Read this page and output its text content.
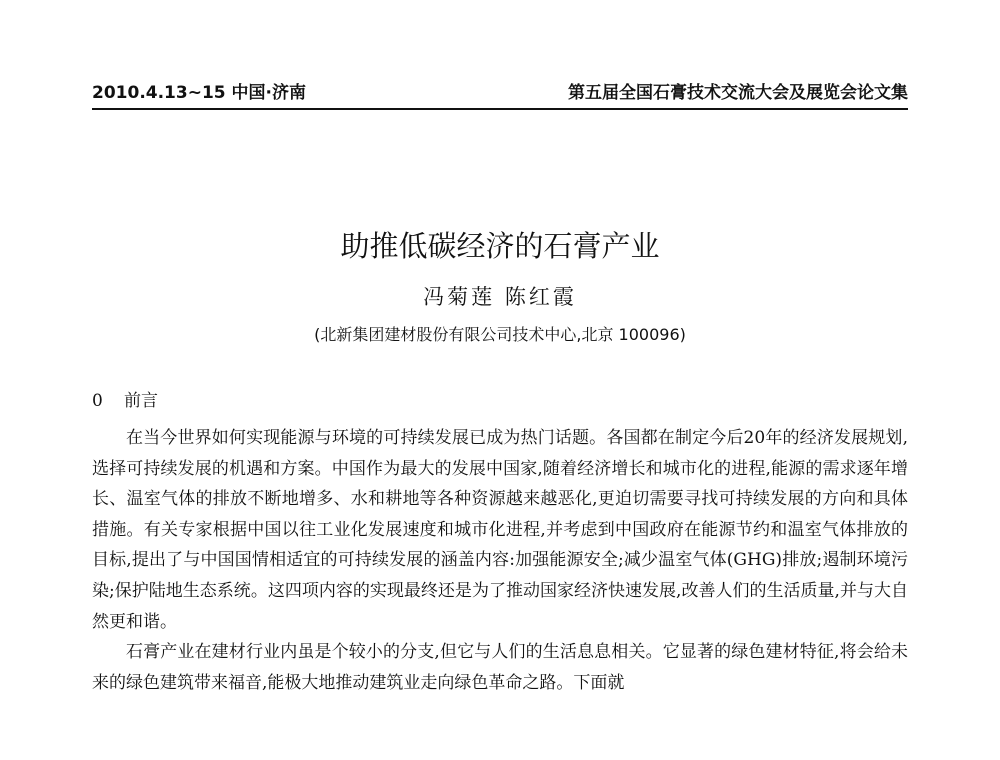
2010.4.13~15 中国·济南	第五届全国石膏技术交流大会及展览会论文集
助推低碳经济的石膏产业
冯菊莲 陈红霞
(北新集团建材股份有限公司技术中心,北京 100096)
0 前言

在当今世界如何实现能源与环境的可持续发展已成为热门话题。各国都在制定今后20年的经济发展规划,选择可持续发展的机遇和方案。中国作为最大的发展中国家,随着经济增长和城市化的进程,能源的需求逐年增长、温室气体的排放不断地增多、水和耕地等各种资源越来越恶化,更迫切需要寻找可持续发展的方向和具体措施。有关专家根据中国以往工业化发展速度和城市化进程,并考虑到中国政府在能源节约和温室气体排放的目标,提出了与中国国情相适宜的可持续发展的涵盖内容:加强能源安全;减少温室气体(GHG)排放;遏制环境污染;保护陆地生态系统。这四项内容的实现最终还是为了推动国家经济快速发展,改善人们的生活质量,并与大自然更和谐。

石膏产业在建材行业内虽是个较小的分支,但它与人们的生活息息相关。它显著的绿色建材特征,将会给未来的绿色建筑带来福音,能极大地推动建筑业走向绿色革命之路。下面就
